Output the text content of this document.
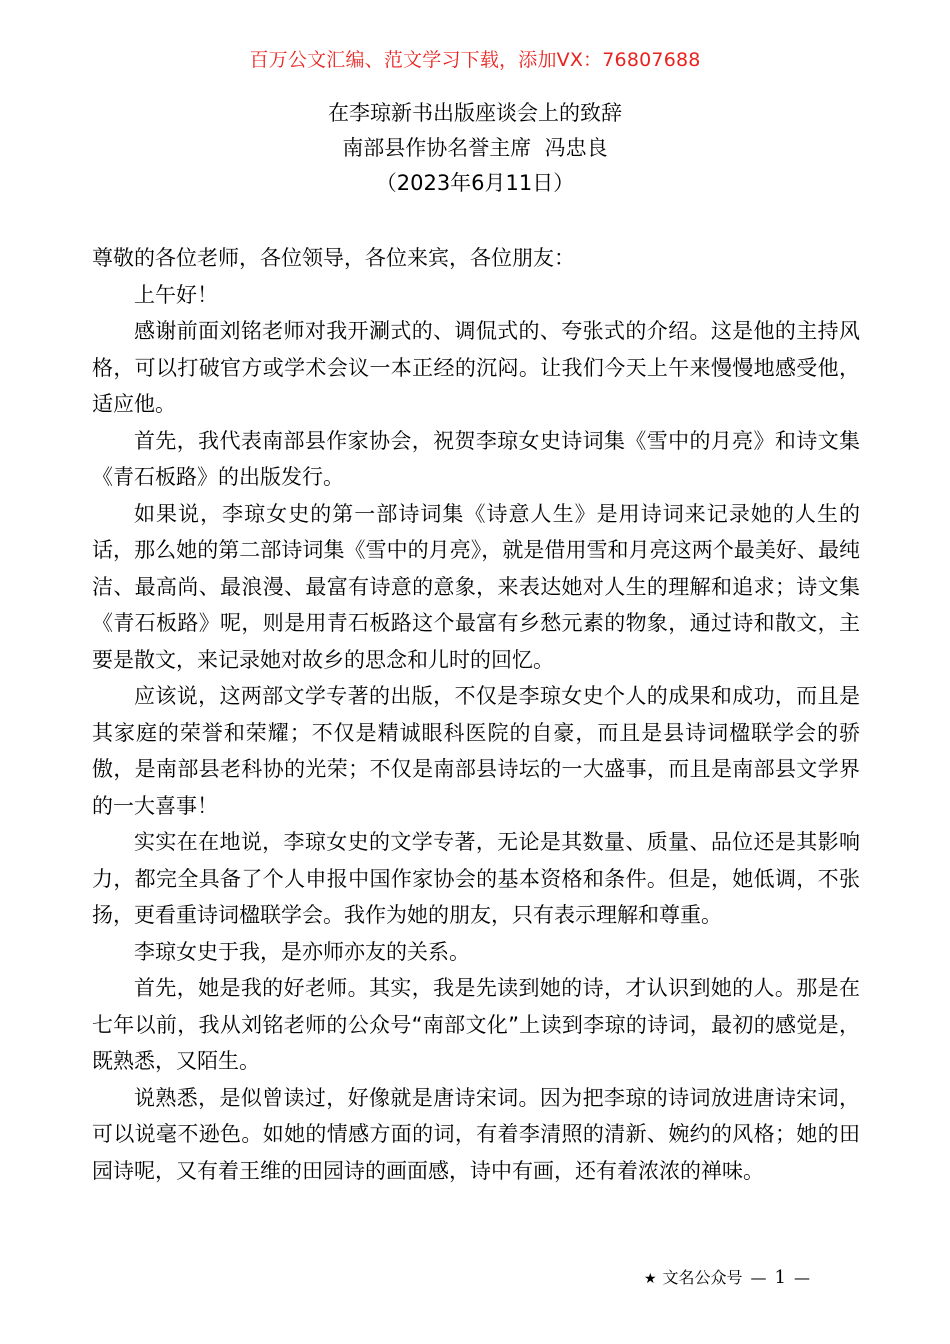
百万公文汇编、范文学习下载，添加VX：76807688
在李琼新书出版座谈会上的致辞
南部县作协名誉主席  冯忠良
（2023年6月11日）

尊敬的各位老师，各位领导，各位来宾，各位朋友：

上午好！

感谢前面刘铭老师对我开涮式的、调侃式的、夸张式的介绍。这是他的主持风格，可以打破官方或学术会议一本正经的沉闷。让我们今天上午来慢慢地感受他，适应他。

首先，我代表南部县作家协会，祝贺李琼女史诗词集《雪中的月亮》和诗文集《青石板路》的出版发行。

如果说，李琼女史的第一部诗词集《诗意人生》是用诗词来记录她的人生的话，那么她的第二部诗词集《雪中的月亮》，就是借用雪和月亮这两个最美好、最纯洁、最高尚、最浪漫、最富有诗意的意象，来表达她对人生的理解和追求；诗文集《青石板路》呢，则是用青石板路这个最富有乡愁元素的物象，通过诗和散文，主要是散文，来记录她对故乡的思念和儿时的回忆。

应该说，这两部文学专著的出版，不仅是李琼女史个人的成果和成功，而且是其家庭的荣誉和荣耀；不仅是精诚眼科医院的自豪，而且是县诗词楹联学会的骄傲，是南部县老科协的光荣；不仅是南部县诗坛的一大盛事，而且是南部县文学界的一大喜事！

实实在在地说，李琼女史的文学专著，无论是其数量、质量、品位还是其影响力，都完全具备了个人申报中国作家协会的基本资格和条件。但是，她低调，不张扬，更看重诗词楹联学会。我作为她的朋友，只有表示理解和尊重。

李琼女史于我，是亦师亦友的关系。

首先，她是我的好老师。其实，我是先读到她的诗，才认识到她的人。那是在七年以前，我从刘铭老师的公众号“南部文化”上读到李琼的诗词，最初的感觉是，既熟悉，又陌生。

说熟悉，是似曾读过，好像就是唐诗宋词。因为把李琼的诗词放进唐诗宋词，可以说毫不逊色。如她的情感方面的词，有着李清照的清新、婉约的风格；她的田园诗呢，又有着王维的田园诗的画面感，诗中有画，还有着浓浓的禅味。

★ 文名公众号 — 1 —
